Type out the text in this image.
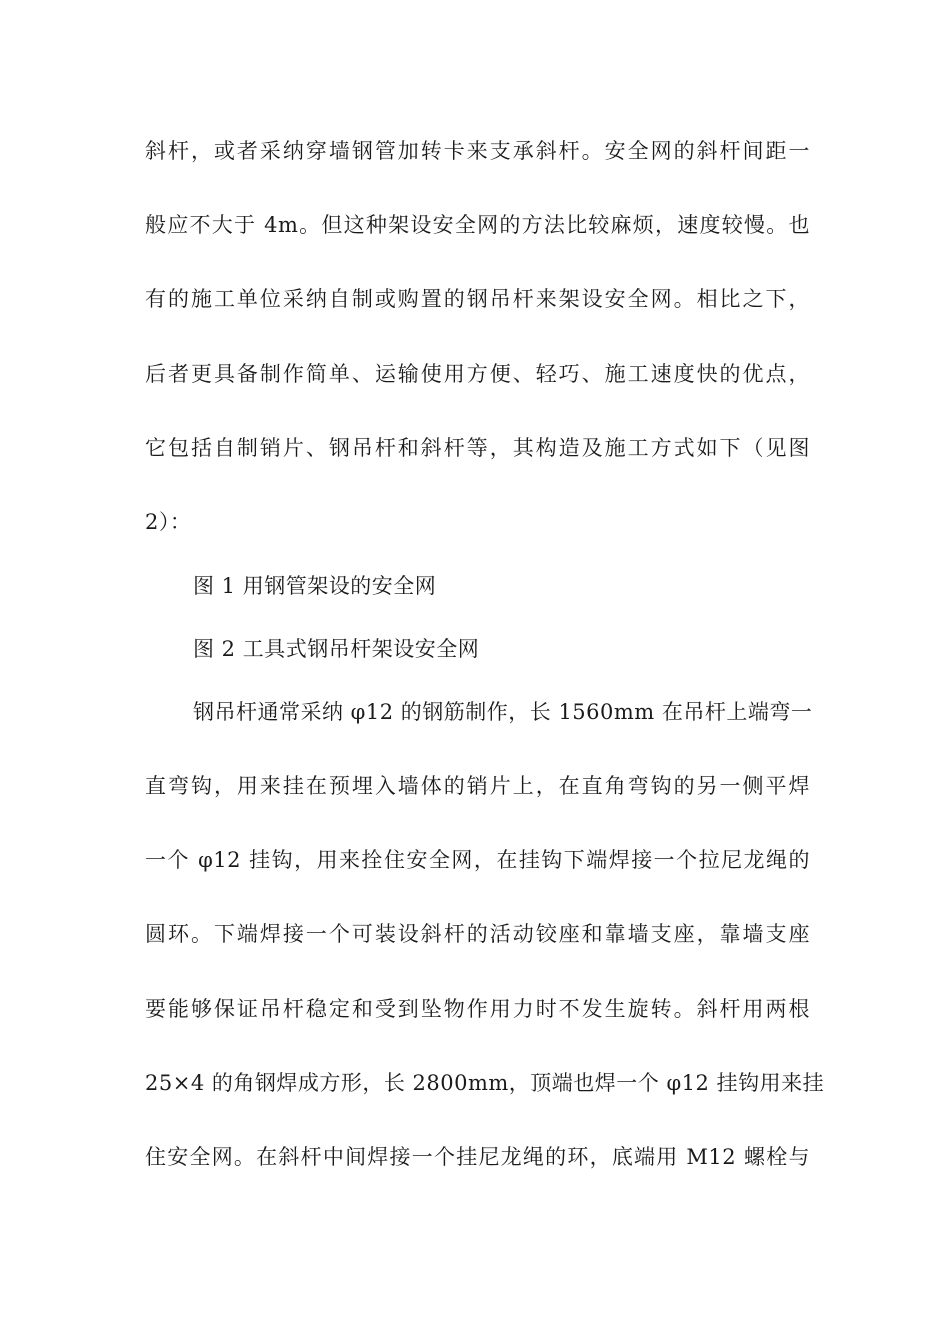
斜杆，或者采纳穿墙钢管加转卡来支承斜杆。安全网的斜杆间距一
般应不大于 4m。但这种架设安全网的方法比较麻烦，速度较慢。也
有的施工单位采纳自制或购置的钢吊杆来架设安全网。相比之下，
后者更具备制作简单、运输使用方便、轻巧、施工速度快的优点，
它包括自制销片、钢吊杆和斜杆等，其构造及施工方式如下（见图
2）：
图 1 用钢管架设的安全网
图 2 工具式钢吊杆架设安全网
钢吊杆通常采纳 φ12 的钢筋制作，长 1560mm 在吊杆上端弯一
直弯钩，用来挂在预埋入墙体的销片上，在直角弯钩的另一侧平焊
一个 φ12 挂钩，用来拴住安全网，在挂钩下端焊接一个拉尼龙绳的
圆环。下端焊接一个可装设斜杆的活动铰座和靠墙支座，靠墙支座
要能够保证吊杆稳定和受到坠物作用力时不发生旋转。斜杆用两根
25×4 的角钢焊成方形，长 2800mm，顶端也焊一个 φ12 挂钩用来挂
住安全网。在斜杆中间焊接一个挂尼龙绳的环，底端用 M12 螺栓与
